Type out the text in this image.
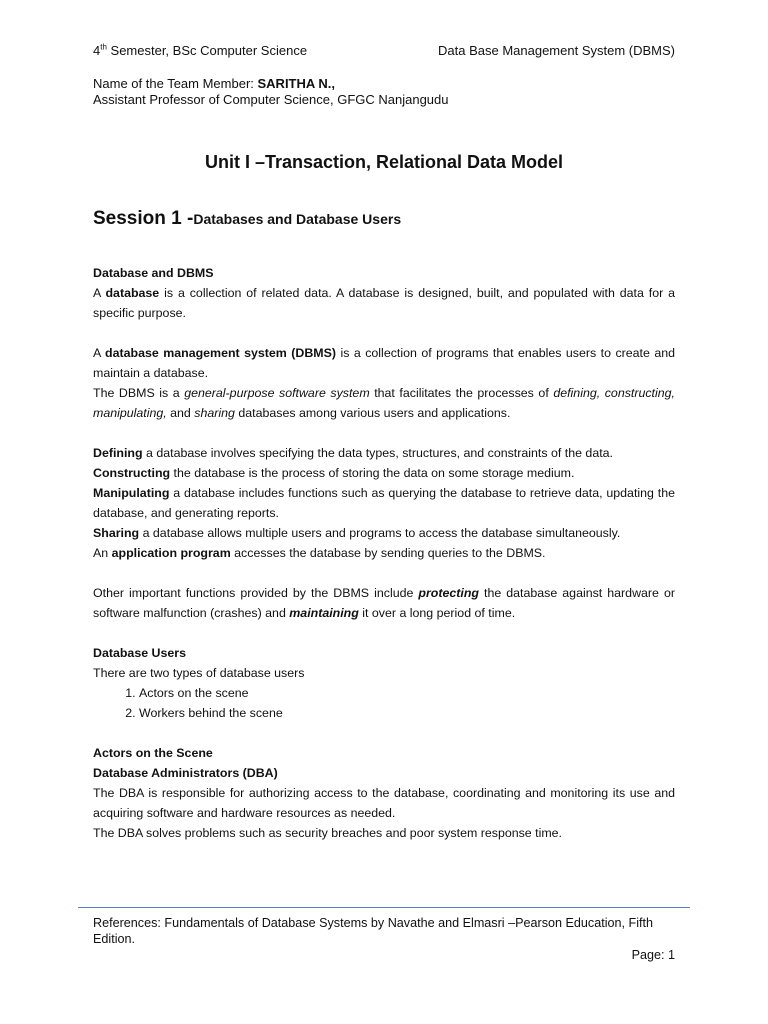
4th Semester, BSc Computer Science	Data Base Management System (DBMS)
Name of the Team Member: SARITHA N.,
Assistant Professor of Computer Science, GFGC Nanjangudu
Unit I –Transaction, Relational Data Model
Session 1 -Databases and Database Users

Database and DBMS

A database is a collection of related data. A database is designed, built, and populated with data for a specific purpose.

A database management system (DBMS) is a collection of programs that enables users to create and maintain a database.

The DBMS is a general-purpose software system that facilitates the processes of defining, constructing, manipulating, and sharing databases among various users and applications.

Defining a database involves specifying the data types, structures, and constraints of the data.

Constructing the database is the process of storing the data on some storage medium.

Manipulating a database includes functions such as querying the database to retrieve data, updating the database, and generating reports.

Sharing a database allows multiple users and programs to access the database simultaneously.

An application program accesses the database by sending queries to the DBMS.

Other important functions provided by the DBMS include protecting the database against hardware or software malfunction (crashes) and maintaining it over a long period of time.

Database Users

There are two types of database users

1. Actors on the scene
2. Workers behind the scene

Actors on the Scene

Database Administrators (DBA)

The DBA is responsible for authorizing access to the database, coordinating and monitoring its use and acquiring software and hardware resources as needed.

The DBA solves problems such as security breaches and poor system response time.

References: Fundamentals of Database Systems by Navathe and Elmasri –Pearson Education, Fifth Edition.
Page: 1
